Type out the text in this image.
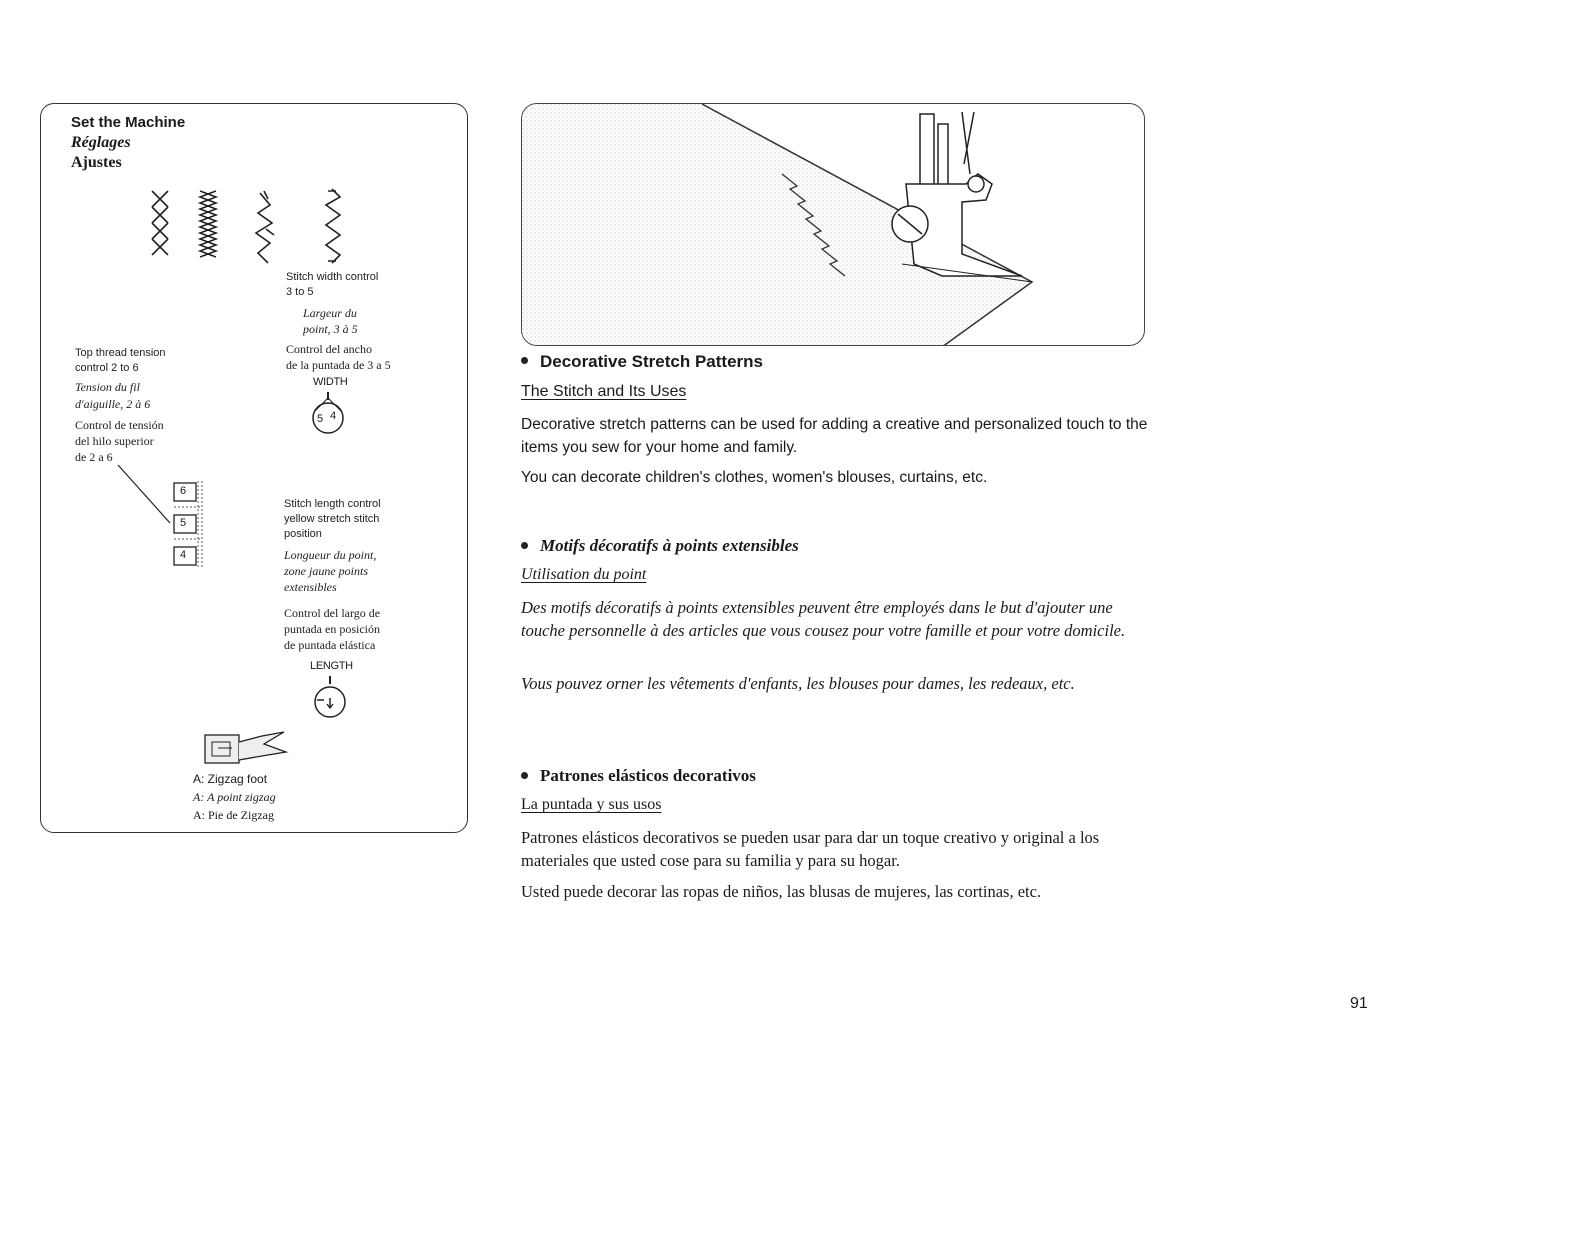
Set the Machine
Réglages
Ajustes
Stitch width control
3 to 5
Largeur du
point, 3 à 5
Control del ancho
de la puntada de 3 a 5
WIDTH
5 4
Top thread tension
control 2 to 6
Tension du fil
d'aiguille, 2 à 6
Control de tensión
del hilo superior
de 2 a 6
6
5
4
Stitch length control
yellow stretch stitch
position
Longueur du point,
zone jaune points
extensibles
Control del largo de
puntada en posición
de puntada elástica
LENGTH
A: Zigzag foot
A: A point zigzag
A: Pie de Zigzag
Decorative Stretch Patterns
The Stitch and Its Uses
Decorative stretch patterns can be used for adding a creative and personalized touch to the items you sew for your home and family.
You can decorate children's clothes, women's blouses, curtains, etc.
Motifs décoratifs à points extensibles
Utilisation du point
Des motifs décoratifs à points extensibles peuvent être employés dans le but d'ajouter une touche personnelle à des articles que vous cousez pour votre famille et pour votre domicile.
Vous pouvez orner les vêtements d'enfants, les blouses pour dames, les redeaux, etc.
Patrones elásticos decorativos
La puntada y sus usos
Patrones elásticos decorativos se pueden usar para dar un toque creativo y original a los materiales que usted cose para su familia y para su hogar.
Usted puede decorar las ropas de niños, las blusas de mujeres, las cortinas, etc.
91
